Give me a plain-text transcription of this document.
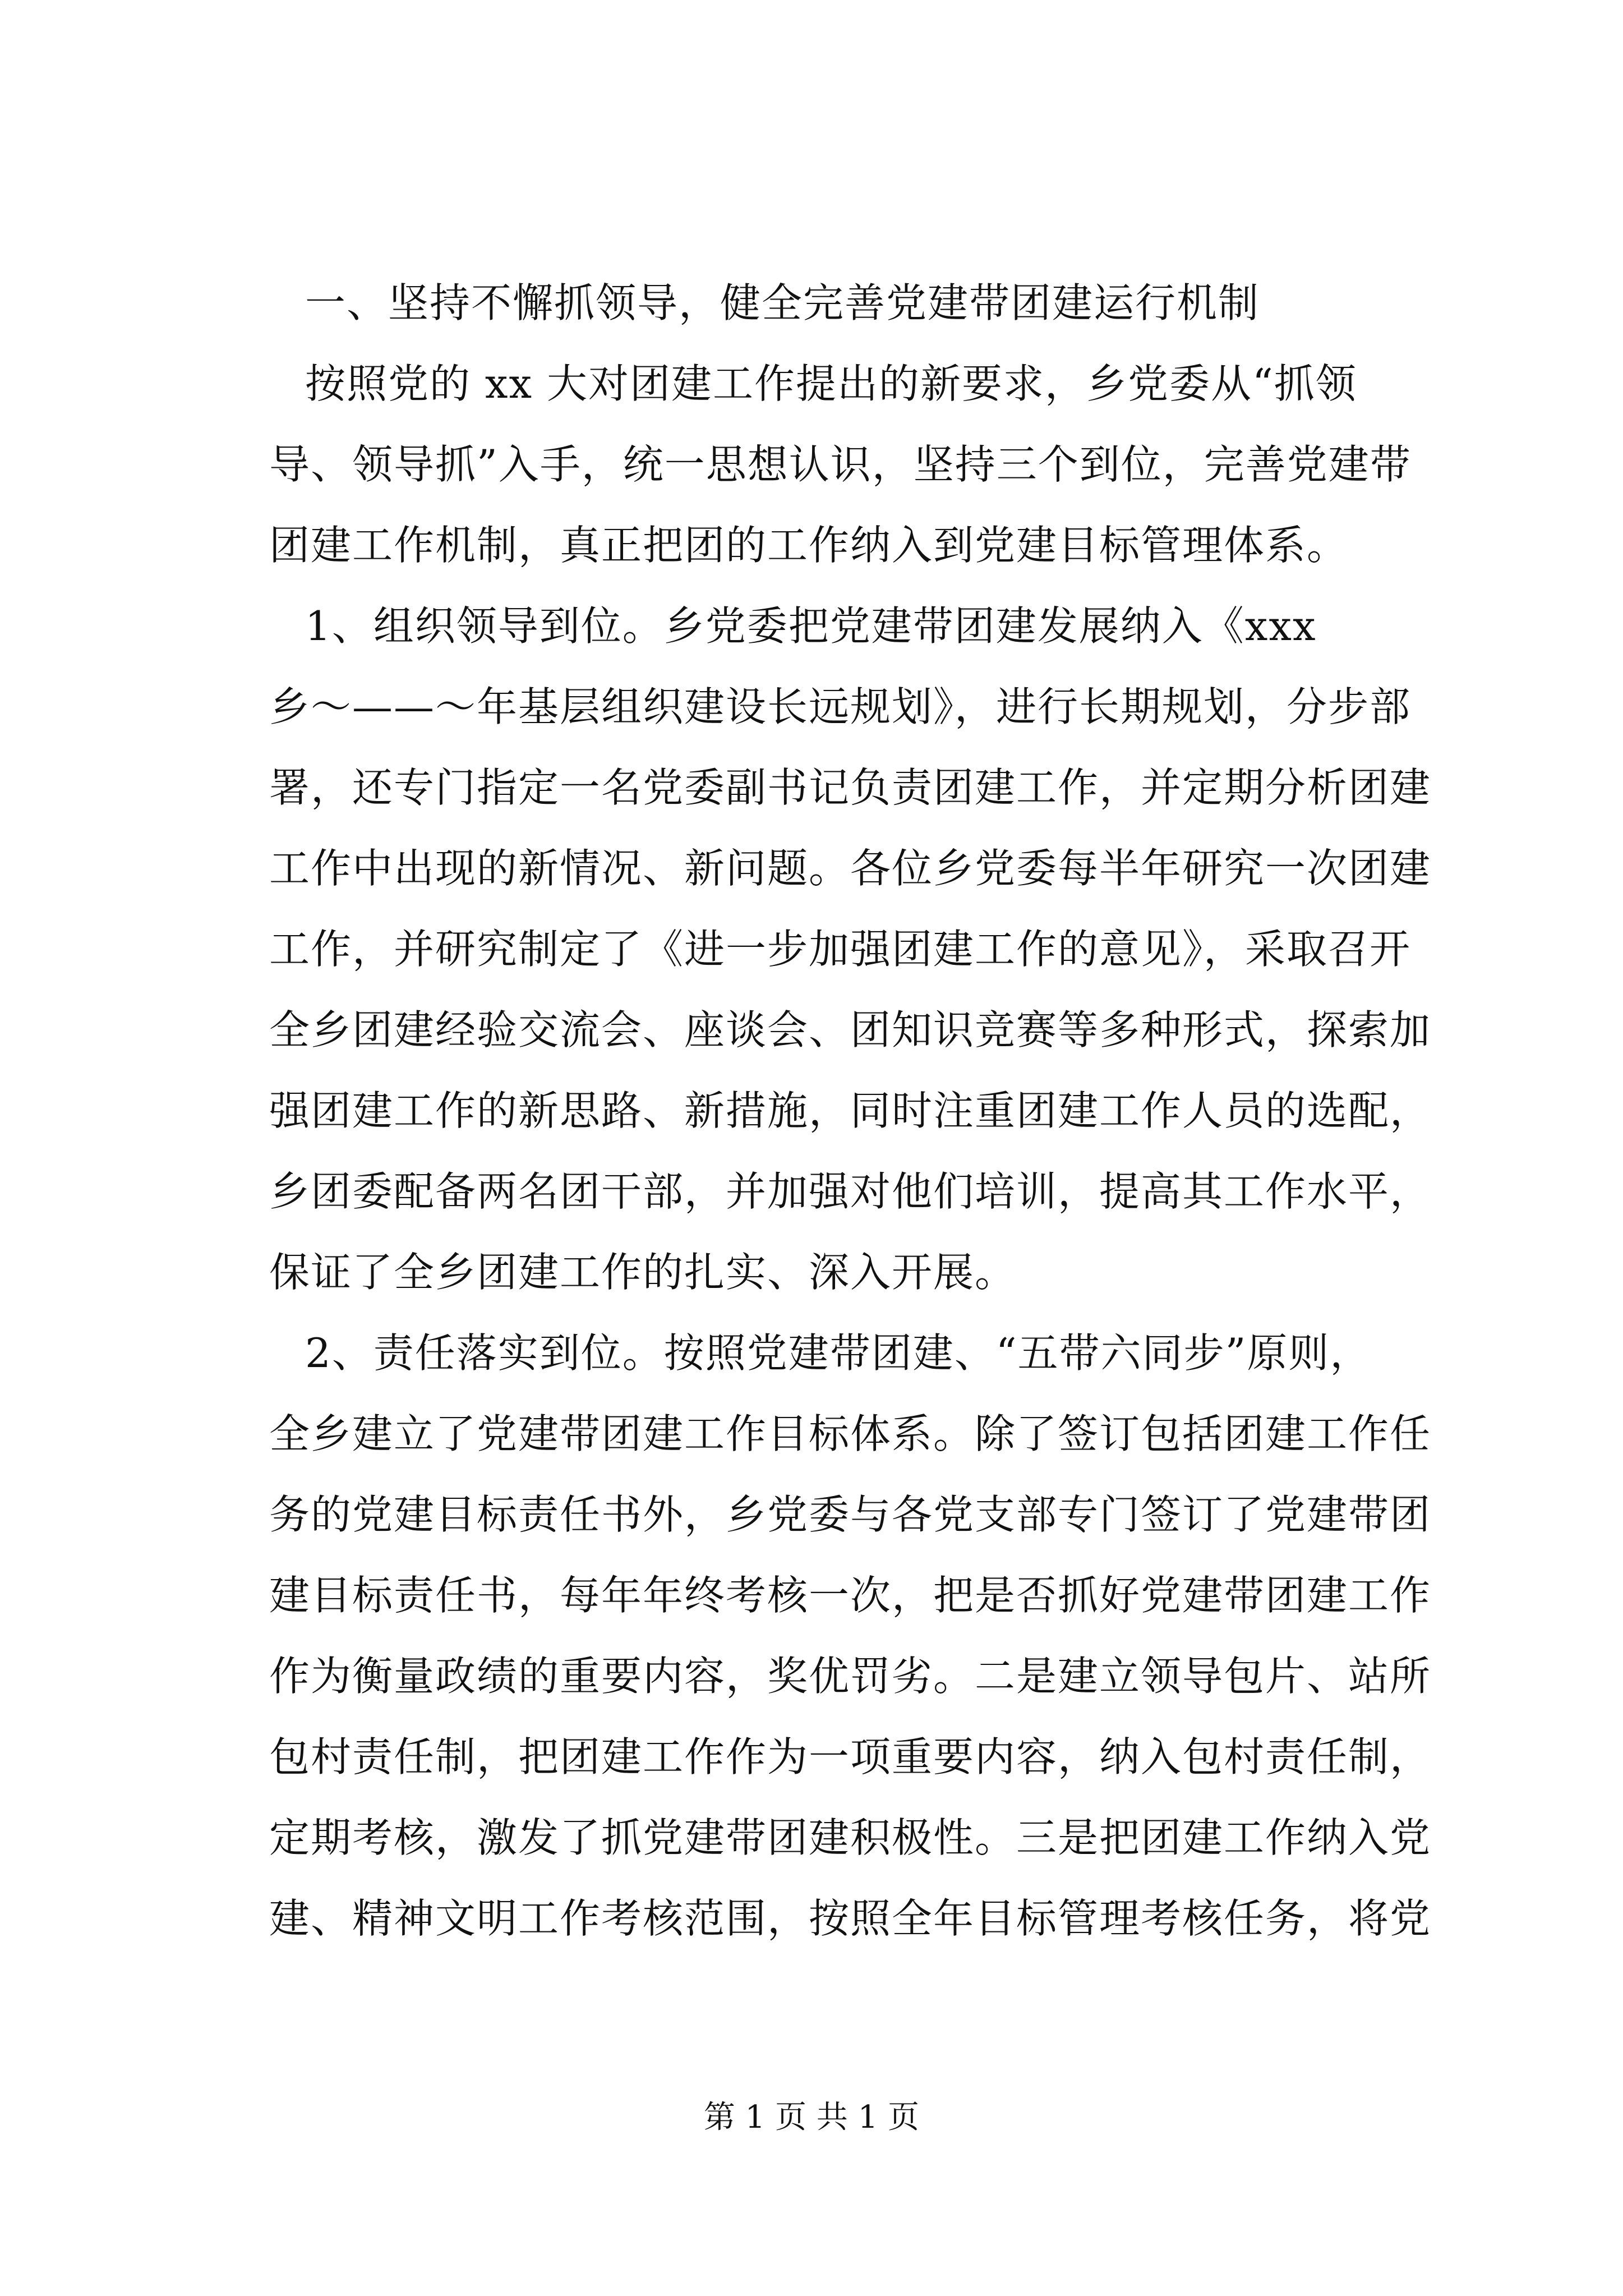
一、坚持不懈抓领导，健全完善党建带团建运行机制
按照党的 xx 大对团建工作提出的新要求，乡党委从“抓领
导、领导抓”入手，统一思想认识，坚持三个到位，完善党建带
团建工作机制，真正把团的工作纳入到党建目标管理体系。
1、组织领导到位。乡党委把党建带团建发展纳入《xxx
乡～——～年基层组织建设长远规划》，进行长期规划，分步部
署，还专门指定一名党委副书记负责团建工作，并定期分析团建
工作中出现的新情况、新问题。各位乡党委每半年研究一次团建
工作，并研究制定了《进一步加强团建工作的意见》，采取召开
全乡团建经验交流会、座谈会、团知识竞赛等多种形式，探索加
强团建工作的新思路、新措施，同时注重团建工作人员的选配，
乡团委配备两名团干部，并加强对他们培训，提高其工作水平，
保证了全乡团建工作的扎实、深入开展。
2、责任落实到位。按照党建带团建、“五带六同步”原则，
全乡建立了党建带团建工作目标体系。除了签订包括团建工作任
务的党建目标责任书外，乡党委与各党支部专门签订了党建带团
建目标责任书，每年年终考核一次，把是否抓好党建带团建工作
作为衡量政绩的重要内容，奖优罚劣。二是建立领导包片、站所
包村责任制，把团建工作作为一项重要内容，纳入包村责任制，
定期考核，激发了抓党建带团建积极性。三是把团建工作纳入党
建、精神文明工作考核范围，按照全年目标管理考核任务，将党
第 1 页 共 1 页
